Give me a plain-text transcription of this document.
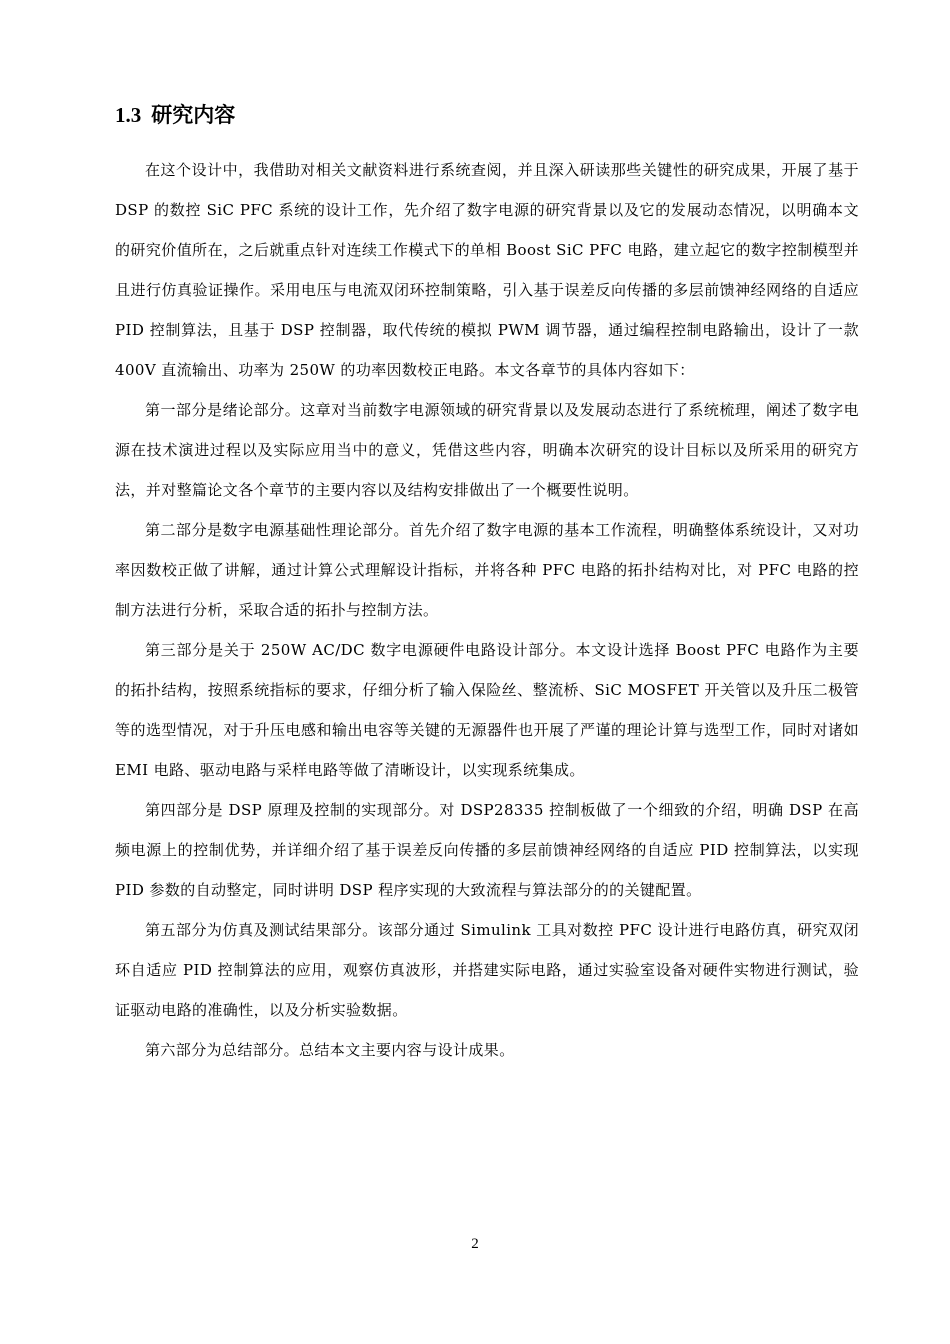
1.3 研究内容

在这个设计中，我借助对相关文献资料进行系统查阅，并且深入研读那些关键性的研究成果，开展了基于 DSP 的数控 SiC PFC 系统的设计工作，先介绍了数字电源的研究背景以及它的发展动态情况，以明确本文的研究价值所在，之后就重点针对连续工作模式下的单相 Boost SiC PFC 电路，建立起它的数字控制模型并且进行仿真验证操作。采用电压与电流双闭环控制策略，引入基于误差反向传播的多层前馈神经网络的自适应 PID 控制算法，且基于 DSP 控制器，取代传统的模拟 PWM 调节器，通过编程控制电路输出，设计了一款 400V 直流输出、功率为 250W 的功率因数校正电路。本文各章节的具体内容如下：

第一部分是绪论部分。这章对当前数字电源领域的研究背景以及发展动态进行了系统梳理，阐述了数字电源在技术演进过程以及实际应用当中的意义，凭借这些内容，明确本次研究的设计目标以及所采用的研究方法，并对整篇论文各个章节的主要内容以及结构安排做出了一个概要性说明。

第二部分是数字电源基础性理论部分。首先介绍了数字电源的基本工作流程，明确整体系统设计，又对功率因数校正做了讲解，通过计算公式理解设计指标，并将各种 PFC 电路的拓扑结构对比，对 PFC 电路的控制方法进行分析，采取合适的拓扑与控制方法。

第三部分是关于 250W AC/DC 数字电源硬件电路设计部分。本文设计选择 Boost PFC 电路作为主要的拓扑结构，按照系统指标的要求，仔细分析了输入保险丝、整流桥、SiC MOSFET 开关管以及升压二极管等的选型情况，对于升压电感和输出电容等关键的无源器件也开展了严谨的理论计算与选型工作，同时对诸如 EMI 电路、驱动电路与采样电路等做了清晰设计，以实现系统集成。

第四部分是 DSP 原理及控制的实现部分。对 DSP28335 控制板做了一个细致的介绍，明确 DSP 在高频电源上的控制优势，并详细介绍了基于误差反向传播的多层前馈神经网络的自适应 PID 控制算法，以实现 PID 参数的自动整定，同时讲明 DSP 程序实现的大致流程与算法部分的的关键配置。

第五部分为仿真及测试结果部分。该部分通过 Simulink 工具对数控 PFC 设计进行电路仿真，研究双闭环自适应 PID 控制算法的应用，观察仿真波形，并搭建实际电路，通过实验室设备对硬件实物进行测试，验证驱动电路的准确性，以及分析实验数据。

第六部分为总结部分。总结本文主要内容与设计成果。

2
